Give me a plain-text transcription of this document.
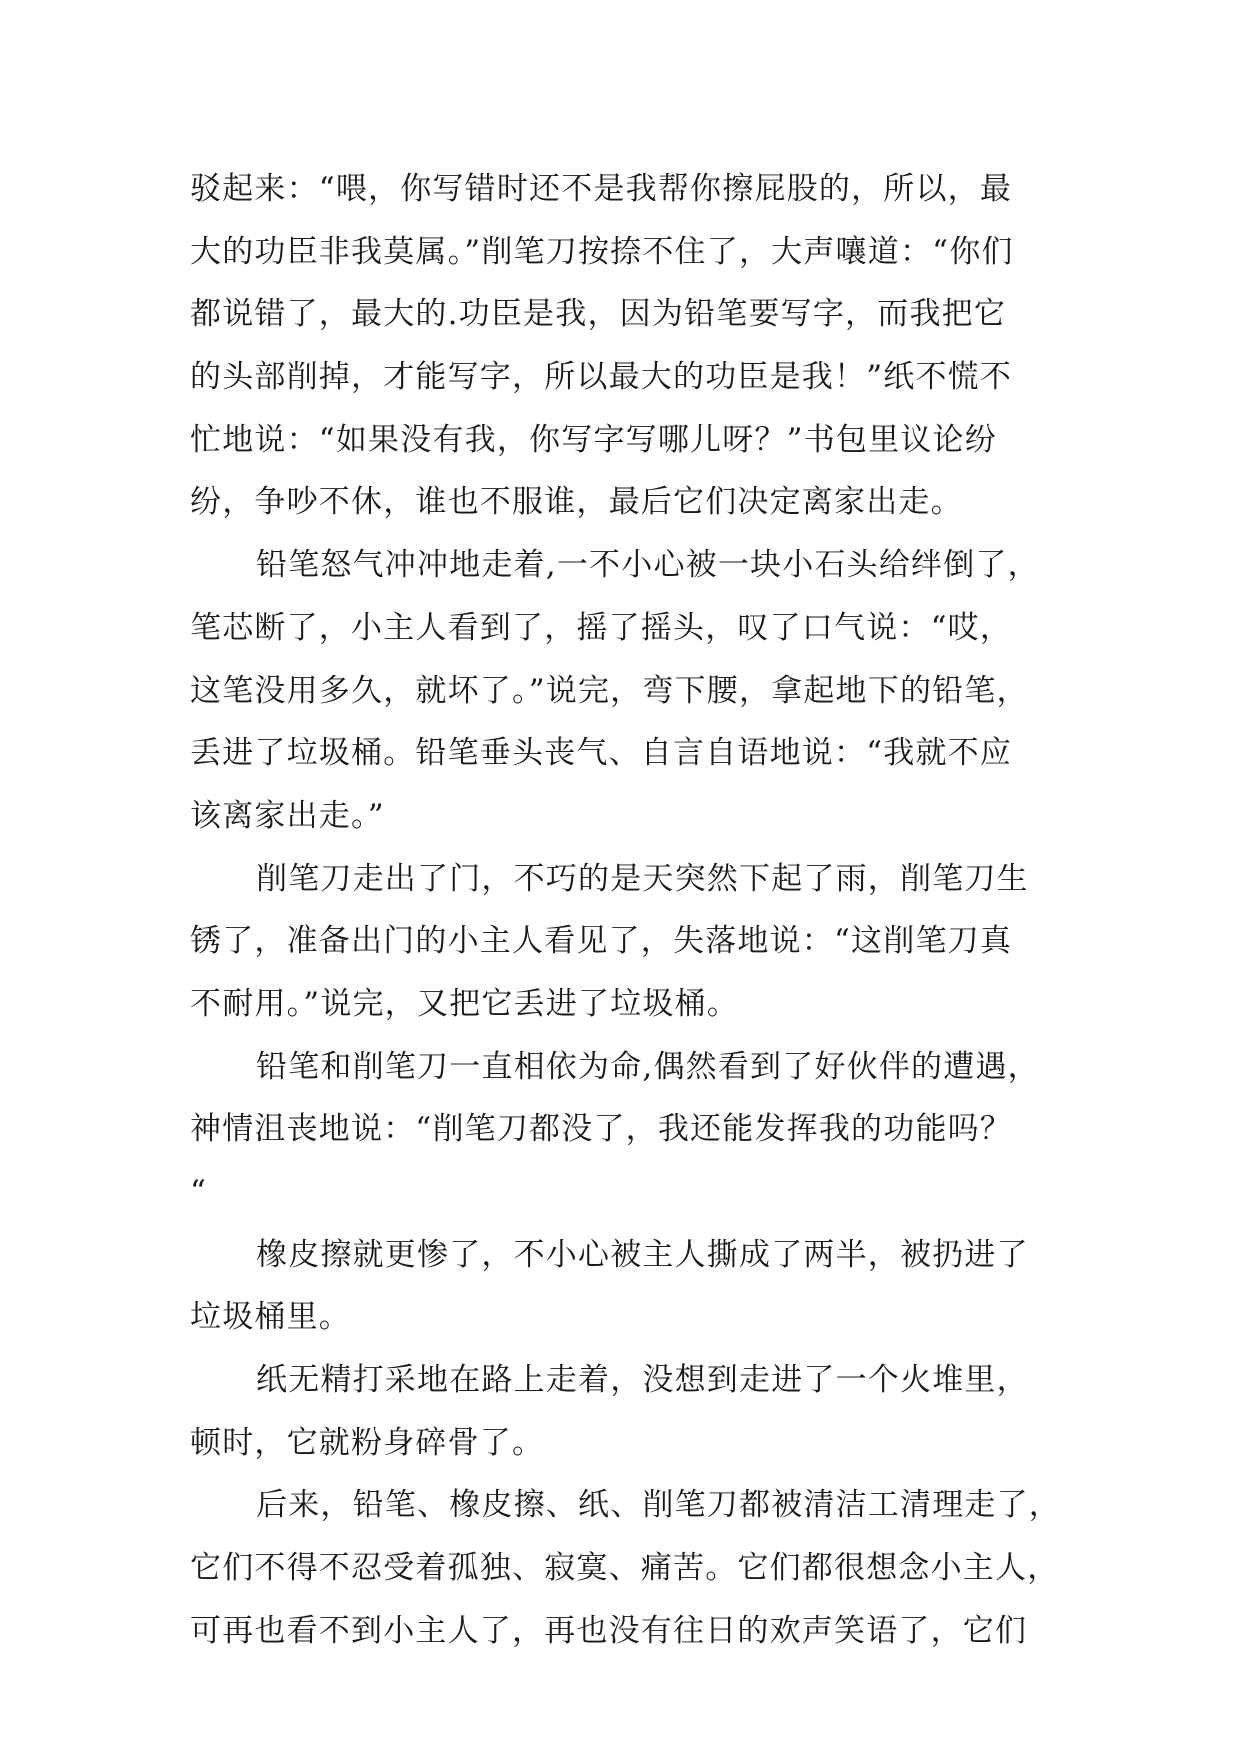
驳起来：“喂，你写错时还不是我帮你擦屁股的，所以，最
大的功臣非我莫属。”削笔刀按捺不住了，大声嚷道：“你们
都说错了，最大的.功臣是我，因为铅笔要写字，而我把它
的头部削掉，才能写字，所以最大的功臣是我！”纸不慌不
忙地说：“如果没有我，你写字写哪儿呀？”书包里议论纷
纷，争吵不休，谁也不服谁，最后它们决定离家出走。
铅笔怒气冲冲地走着,一不小心被一块小石头给绊倒了，
笔芯断了，小主人看到了，摇了摇头，叹了口气说：“哎，
这笔没用多久，就坏了。”说完，弯下腰，拿起地下的铅笔，
丢进了垃圾桶。铅笔垂头丧气、自言自语地说：“我就不应
该离家出走。”
削笔刀走出了门，不巧的是天突然下起了雨，削笔刀生
锈了，准备出门的小主人看见了，失落地说：“这削笔刀真
不耐用。”说完，又把它丢进了垃圾桶。
铅笔和削笔刀一直相依为命,偶然看到了好伙伴的遭遇，
神情沮丧地说：“削笔刀都没了，我还能发挥我的功能吗？
“
橡皮擦就更惨了，不小心被主人撕成了两半，被扔进了
垃圾桶里。
纸无精打采地在路上走着，没想到走进了一个火堆里，
顿时，它就粉身碎骨了。
后来，铅笔、橡皮擦、纸、削笔刀都被清洁工清理走了，
它们不得不忍受着孤独、寂寞、痛苦。它们都很想念小主人，
可再也看不到小主人了，再也没有往日的欢声笑语了，它们
